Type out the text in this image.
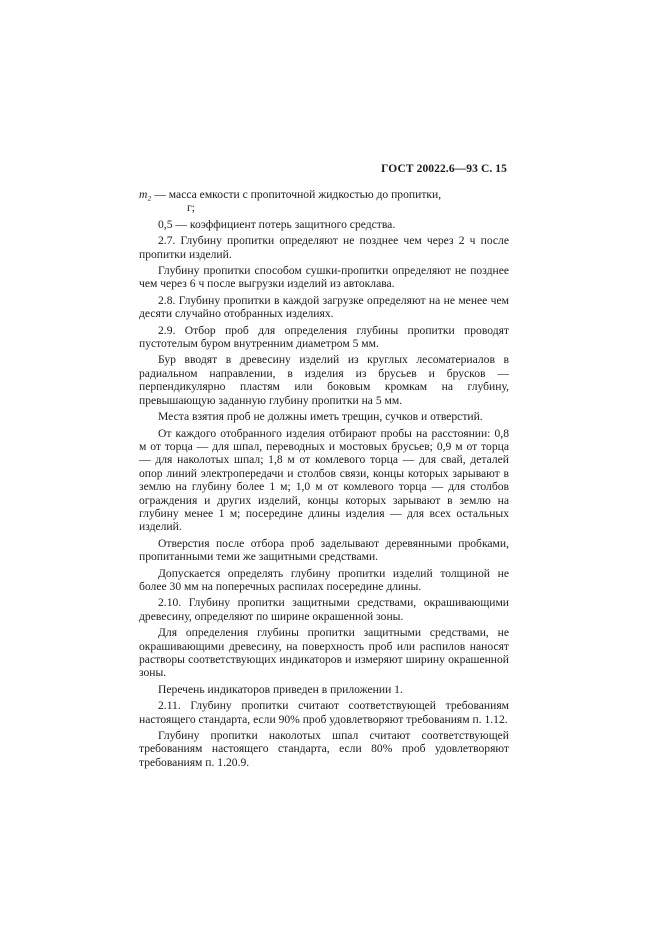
ГОСТ 20022.6—93 С. 15
m₂ — масса емкости с пропиточной жидкостью до пропитки,
г;
0,5 — коэффициент потерь защитного средства.

2.7. Глубину пропитки определяют не позднее чем через 2 ч после пропитки изделий.

Глубину пропитки способом сушки-пропитки определяют не позднее чем через 6 ч после выгрузки изделий из автоклава.

2.8. Глубину пропитки в каждой загрузке определяют на не менее чем десяти случайно отобранных изделиях.

2.9. Отбор проб для определения глубины пропитки проводят пустотелым буром внутренним диаметром 5 мм.

Бур вводят в древесину изделий из круглых лесоматериалов в радиальном направлении, в изделия из брусьев и брусков — перпендикулярно пластям или боковым кромкам на глубину, превышающую заданную глубину пропитки на 5 мм.

Места взятия проб не должны иметь трещин, сучков и отверстий.

От каждого отобранного изделия отбирают пробы на расстоянии: 0,8 м от торца — для шпал, переводных и мостовых брусьев; 0,9 м от торца — для наколотых шпал; 1,8 м от комлевого торца — для свай, деталей опор линий электропередачи и столбов связи, концы которых зарывают в землю на глубину более 1 м; 1,0 м от комлевого торца — для столбов ограждения и других изделий, концы которых зарывают в землю на глубину менее 1 м; посередине длины изделия — для всех остальных изделий.

Отверстия после отбора проб заделывают деревянными пробками, пропитанными теми же защитными средствами.

Допускается определять глубину пропитки изделий толщиной не более 30 мм на поперечных распилах посередине длины.

2.10. Глубину пропитки защитными средствами, окрашивающими древесину, определяют по ширине окрашенной зоны.

Для определения глубины пропитки защитными средствами, не окрашивающими древесину, на поверхность проб или распилов наносят растворы соответствующих индикаторов и измеряют ширину окрашенной зоны.

Перечень индикаторов приведен в приложении 1.

2.11. Глубину пропитки считают соответствующей требованиям настоящего стандарта, если 90% проб удовлетворяют требованиям п. 1.12.

Глубину пропитки наколотых шпал считают соответствующей требованиям настоящего стандарта, если 80% проб удовлетворяют требованиям п. 1.20.9.
